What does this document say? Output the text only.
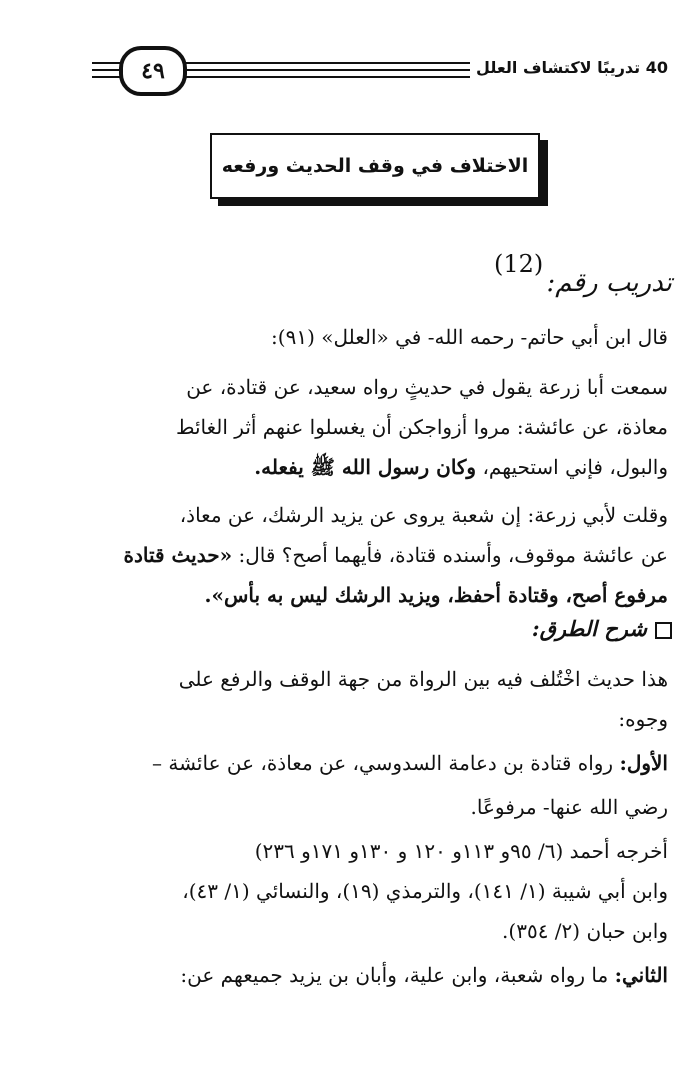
٤٩	40 تدريبًا لاكتشاف العلل
الاختلاف في وقف الحديث ورفعه
(12)
تدريب رقم:
قال ابن أبي حاتم- رحمه الله- في «العلل» (٩١):
سمعت أبا زرعة يقول في حديثٍ رواه سعيد، عن قتادة، عن
معاذة، عن عائشة: مروا أزواجكن أن يغسلوا عنهم أثر الغائط
والبول، فإني استحيهم، وكان رسول الله ﷺ يفعله.
وقلت لأبي زرعة: إن شعبة يروى عن يزيد الرشك، عن معاذ،
عن عائشة موقوف، وأسنده قتادة، فأيهما أصح؟ قال: «حديث قتادة
مرفوع أصح، وقتادة أحفظ، ويزيد الرشك ليس به بأس».
شرح الطرق:
هذا حديث اخْتُلف فيه بين الرواة من جهة الوقف والرفع على
وجوه:
الأول: رواه قتادة بن دعامة السدوسي، عن معاذة، عن عائشة –
رضي الله عنها- مرفوعًا.
أخرجه أحمد (٦/ ٩٥و ١١٣و ١٢٠ و ١٣٠و ١٧١و ٢٣٦)
وابن أبي شيبة (١/ ١٤١)، والترمذي (١٩)، والنسائي (١/ ٤٣)،
وابن حبان (٢/ ٣٥٤).
الثاني: ما رواه شعبة، وابن علية، وأبان بن يزيد جميعهم عن:
